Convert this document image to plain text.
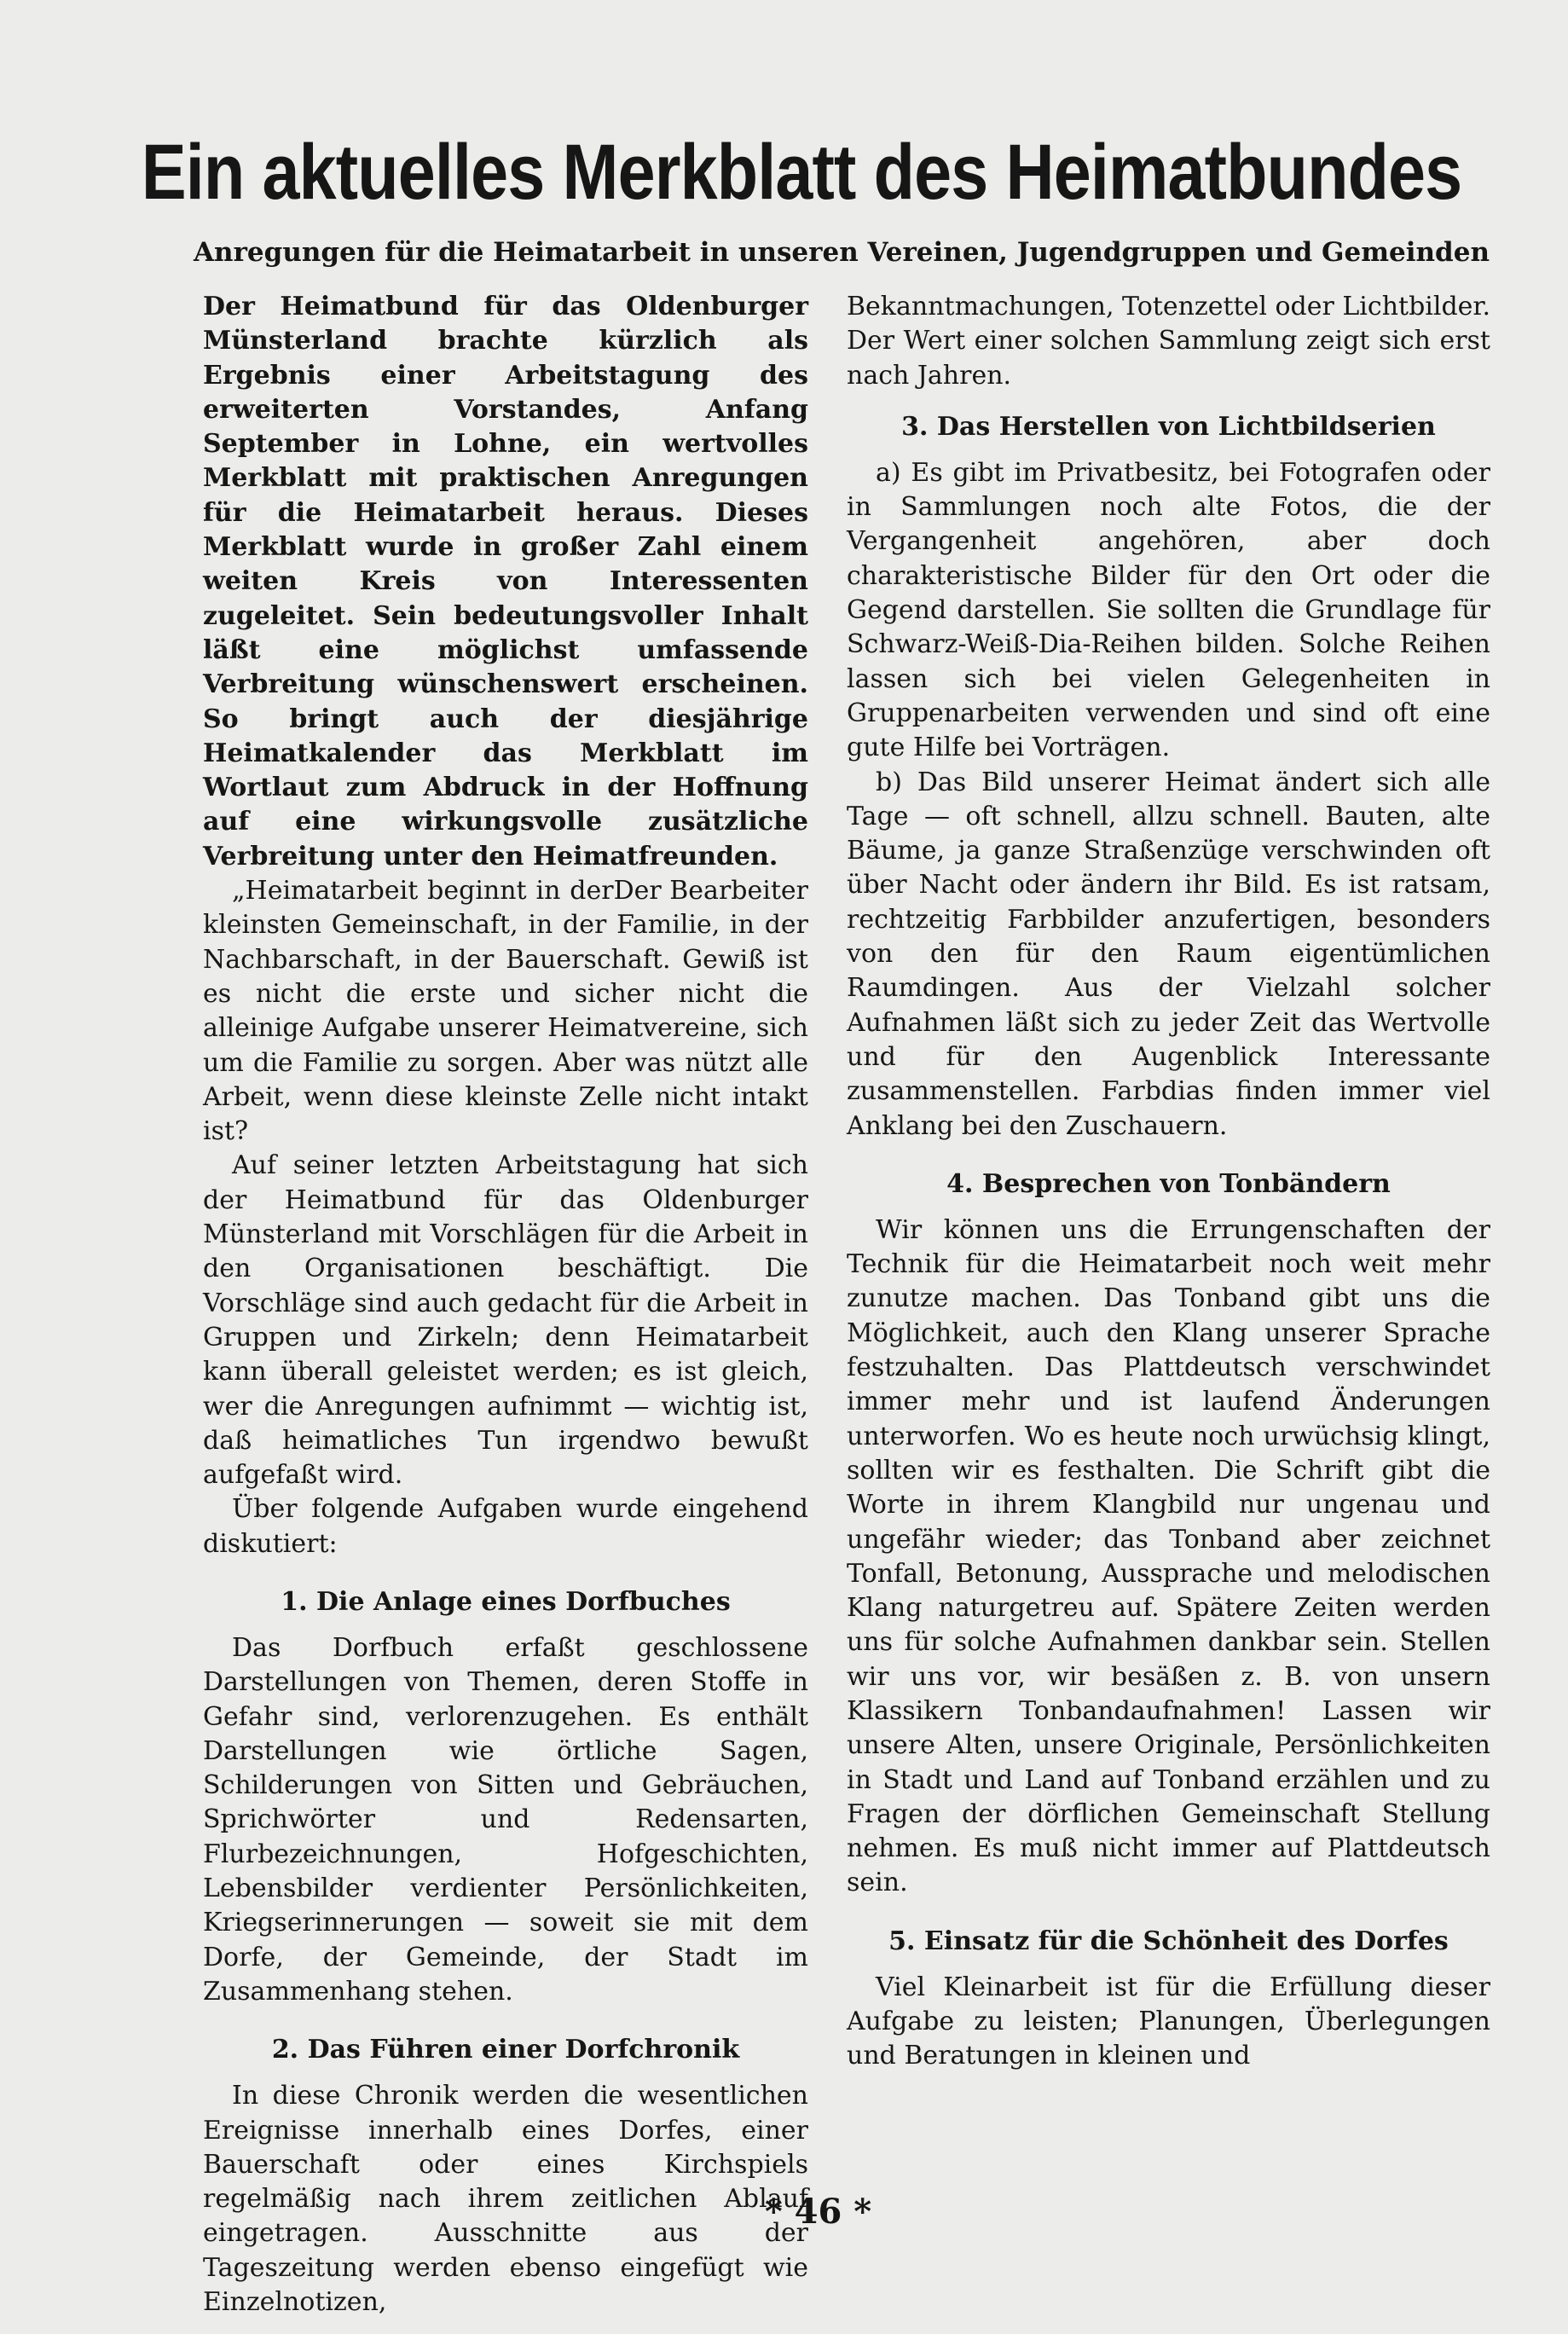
Ein aktuelles Merkblatt des Heimatbundes
Anregungen für die Heimatarbeit in unseren Vereinen, Jugendgruppen und Gemeinden

Der Heimatbund für das Oldenburger Münsterland brachte kürzlich als Ergebnis einer Arbeitstagung des erweiterten Vorstandes, Anfang September in Lohne, ein wertvolles Merkblatt mit praktischen Anregungen für die Heimatarbeit heraus. Dieses Merkblatt wurde in großer Zahl einem weiten Kreis von Interessenten zugeleitet. Sein bedeutungsvoller Inhalt läßt eine möglichst umfassende Verbreitung wünschenswert erscheinen. So bringt auch der diesjährige Heimatkalender das Merkblatt im Wortlaut zum Abdruck in der Hoffnung auf eine wirkungsvolle zusätzliche Verbreitung unter den Heimatfreunden.
Der Bearbeiter

„Heimatarbeit beginnt in der kleinsten Gemeinschaft, in der Familie, in der Nachbarschaft, in der Bauerschaft. Gewiß ist es nicht die erste und sicher nicht die alleinige Aufgabe unserer Heimatvereine, sich um die Familie zu sorgen. Aber was nützt alle Arbeit, wenn diese kleinste Zelle nicht intakt ist?

Auf seiner letzten Arbeitstagung hat sich der Heimatbund für das Oldenburger Münsterland mit Vorschlägen für die Arbeit in den Organisationen beschäftigt. Die Vorschläge sind auch gedacht für die Arbeit in Gruppen und Zirkeln; denn Heimatarbeit kann überall geleistet werden; es ist gleich, wer die Anregungen aufnimmt — wichtig ist, daß heimatliches Tun irgendwo bewußt aufgefaßt wird.

Über folgende Aufgaben wurde eingehend diskutiert:

1. Die Anlage eines Dorfbuches

Das Dorfbuch erfaßt geschlossene Darstellungen von Themen, deren Stoffe in Gefahr sind, verlorenzugehen. Es enthält Darstellungen wie örtliche Sagen, Schilderungen von Sitten und Gebräuchen, Sprichwörter und Redensarten, Flurbezeichnungen, Hofgeschichten, Lebensbilder verdienter Persönlichkeiten, Kriegserinnerungen — soweit sie mit dem Dorfe, der Gemeinde, der Stadt im Zusammenhang stehen.

2. Das Führen einer Dorfchronik

In diese Chronik werden die wesentlichen Ereignisse innerhalb eines Dorfes, einer Bauerschaft oder eines Kirchspiels regelmäßig nach ihrem zeitlichen Ablauf eingetragen. Ausschnitte aus der Tageszeitung werden ebenso eingefügt wie Einzelnotizen,

Bekanntmachungen, Totenzettel oder Lichtbilder. Der Wert einer solchen Sammlung zeigt sich erst nach Jahren.

3. Das Herstellen von Lichtbildserien

a) Es gibt im Privatbesitz, bei Fotografen oder in Sammlungen noch alte Fotos, die der Vergangenheit angehören, aber doch charakteristische Bilder für den Ort oder die Gegend darstellen. Sie sollten die Grundlage für Schwarz-Weiß-Dia-Reihen bilden. Solche Reihen lassen sich bei vielen Gelegenheiten in Gruppenarbeiten verwenden und sind oft eine gute Hilfe bei Vorträgen.

b) Das Bild unserer Heimat ändert sich alle Tage — oft schnell, allzu schnell. Bauten, alte Bäume, ja ganze Straßenzüge verschwinden oft über Nacht oder ändern ihr Bild. Es ist ratsam, rechtzeitig Farbbilder anzufertigen, besonders von den für den Raum eigentümlichen Raumdingen. Aus der Vielzahl solcher Aufnahmen läßt sich zu jeder Zeit das Wertvolle und für den Augenblick Interessante zusammenstellen. Farbdias finden immer viel Anklang bei den Zuschauern.

4. Besprechen von Tonbändern

Wir können uns die Errungenschaften der Technik für die Heimatarbeit noch weit mehr zunutze machen. Das Tonband gibt uns die Möglichkeit, auch den Klang unserer Sprache festzuhalten. Das Plattdeutsch verschwindet immer mehr und ist laufend Änderungen unterworfen. Wo es heute noch urwüchsig klingt, sollten wir es festhalten. Die Schrift gibt die Worte in ihrem Klangbild nur ungenau und ungefähr wieder; das Tonband aber zeichnet Tonfall, Betonung, Aussprache und melodischen Klang naturgetreu auf. Spätere Zeiten werden uns für solche Aufnahmen dankbar sein. Stellen wir uns vor, wir besäßen z. B. von unsern Klassikern Tonbandaufnahmen! Lassen wir unsere Alten, unsere Originale, Persönlichkeiten in Stadt und Land auf Tonband erzählen und zu Fragen der dörflichen Gemeinschaft Stellung nehmen. Es muß nicht immer auf Plattdeutsch sein.

5. Einsatz für die Schönheit des Dorfes

Viel Kleinarbeit ist für die Erfüllung dieser Aufgabe zu leisten; Planungen, Überlegungen und Beratungen in kleinen und

* 46 *
